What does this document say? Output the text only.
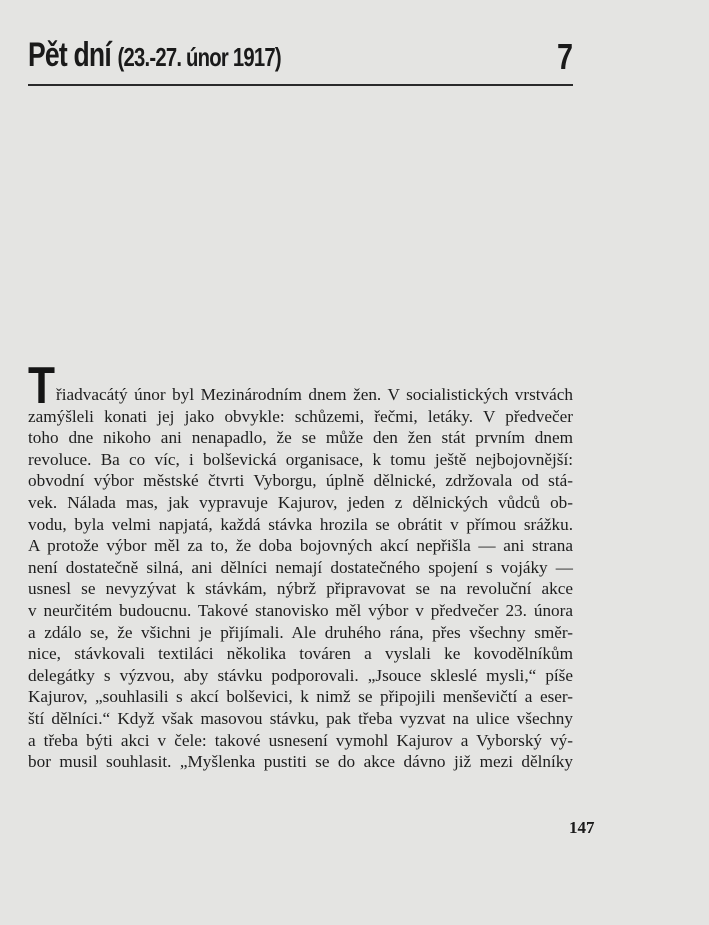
Pět dní (23.-27. únor 1917)	7
T řiadvacátý únor byl Mezinárodním dnem žen. V socialistických vrstvách
zamýšleli konati jej jako obvykle: schůzemi, řečmi, letáky. V předvečer
toho dne nikoho ani nenapadlo, že se může den žen stát prvním dnem
revoluce. Ba co víc, i bolševická organisace, k tomu ještě nejbojovnější:
obvodní výbor městské čtvrti Vyborgu, úplně dělnické, zdržovala od stá-
vek. Nálada mas, jak vypravuje Kajurov, jeden z dělnických vůdců ob-
vodu, byla velmi napjatá, každá stávka hrozila se obrátit v přímou srážku.
A protože výbor měl za to, že doba bojovných akcí nepřišla — ani strana
není dostatečně silná, ani dělníci nemají dostatečného spojení s vojáky —
usnesl se nevyzývat k stávkám, nýbrž připravovat se na revoluční akce
v neurčitém budoucnu. Takové stanovisko měl výbor v předvečer 23. února
a zdálo se, že všichni je přijímali. Ale druhého rána, přes všechny směr-
nice, stávkovali textiláci několika továren a vyslali ke kovodělníkům
delegátky s výzvou, aby stávku podporovali. „Jsouce skleslé mysli,“ píše
Kajurov, „souhlasili s akcí bolševici, k nimž se připojili menševičtí a eser-
ští dělníci.“ Když však masovou stávku, pak třeba vyzvat na ulice všechny
a třeba býti akci v čele: takové usnesení vymohl Kajurov a Vyborský vý-
bor musil souhlasit. „Myšlenka pustiti se do akce dávno již mezi dělníky
147
